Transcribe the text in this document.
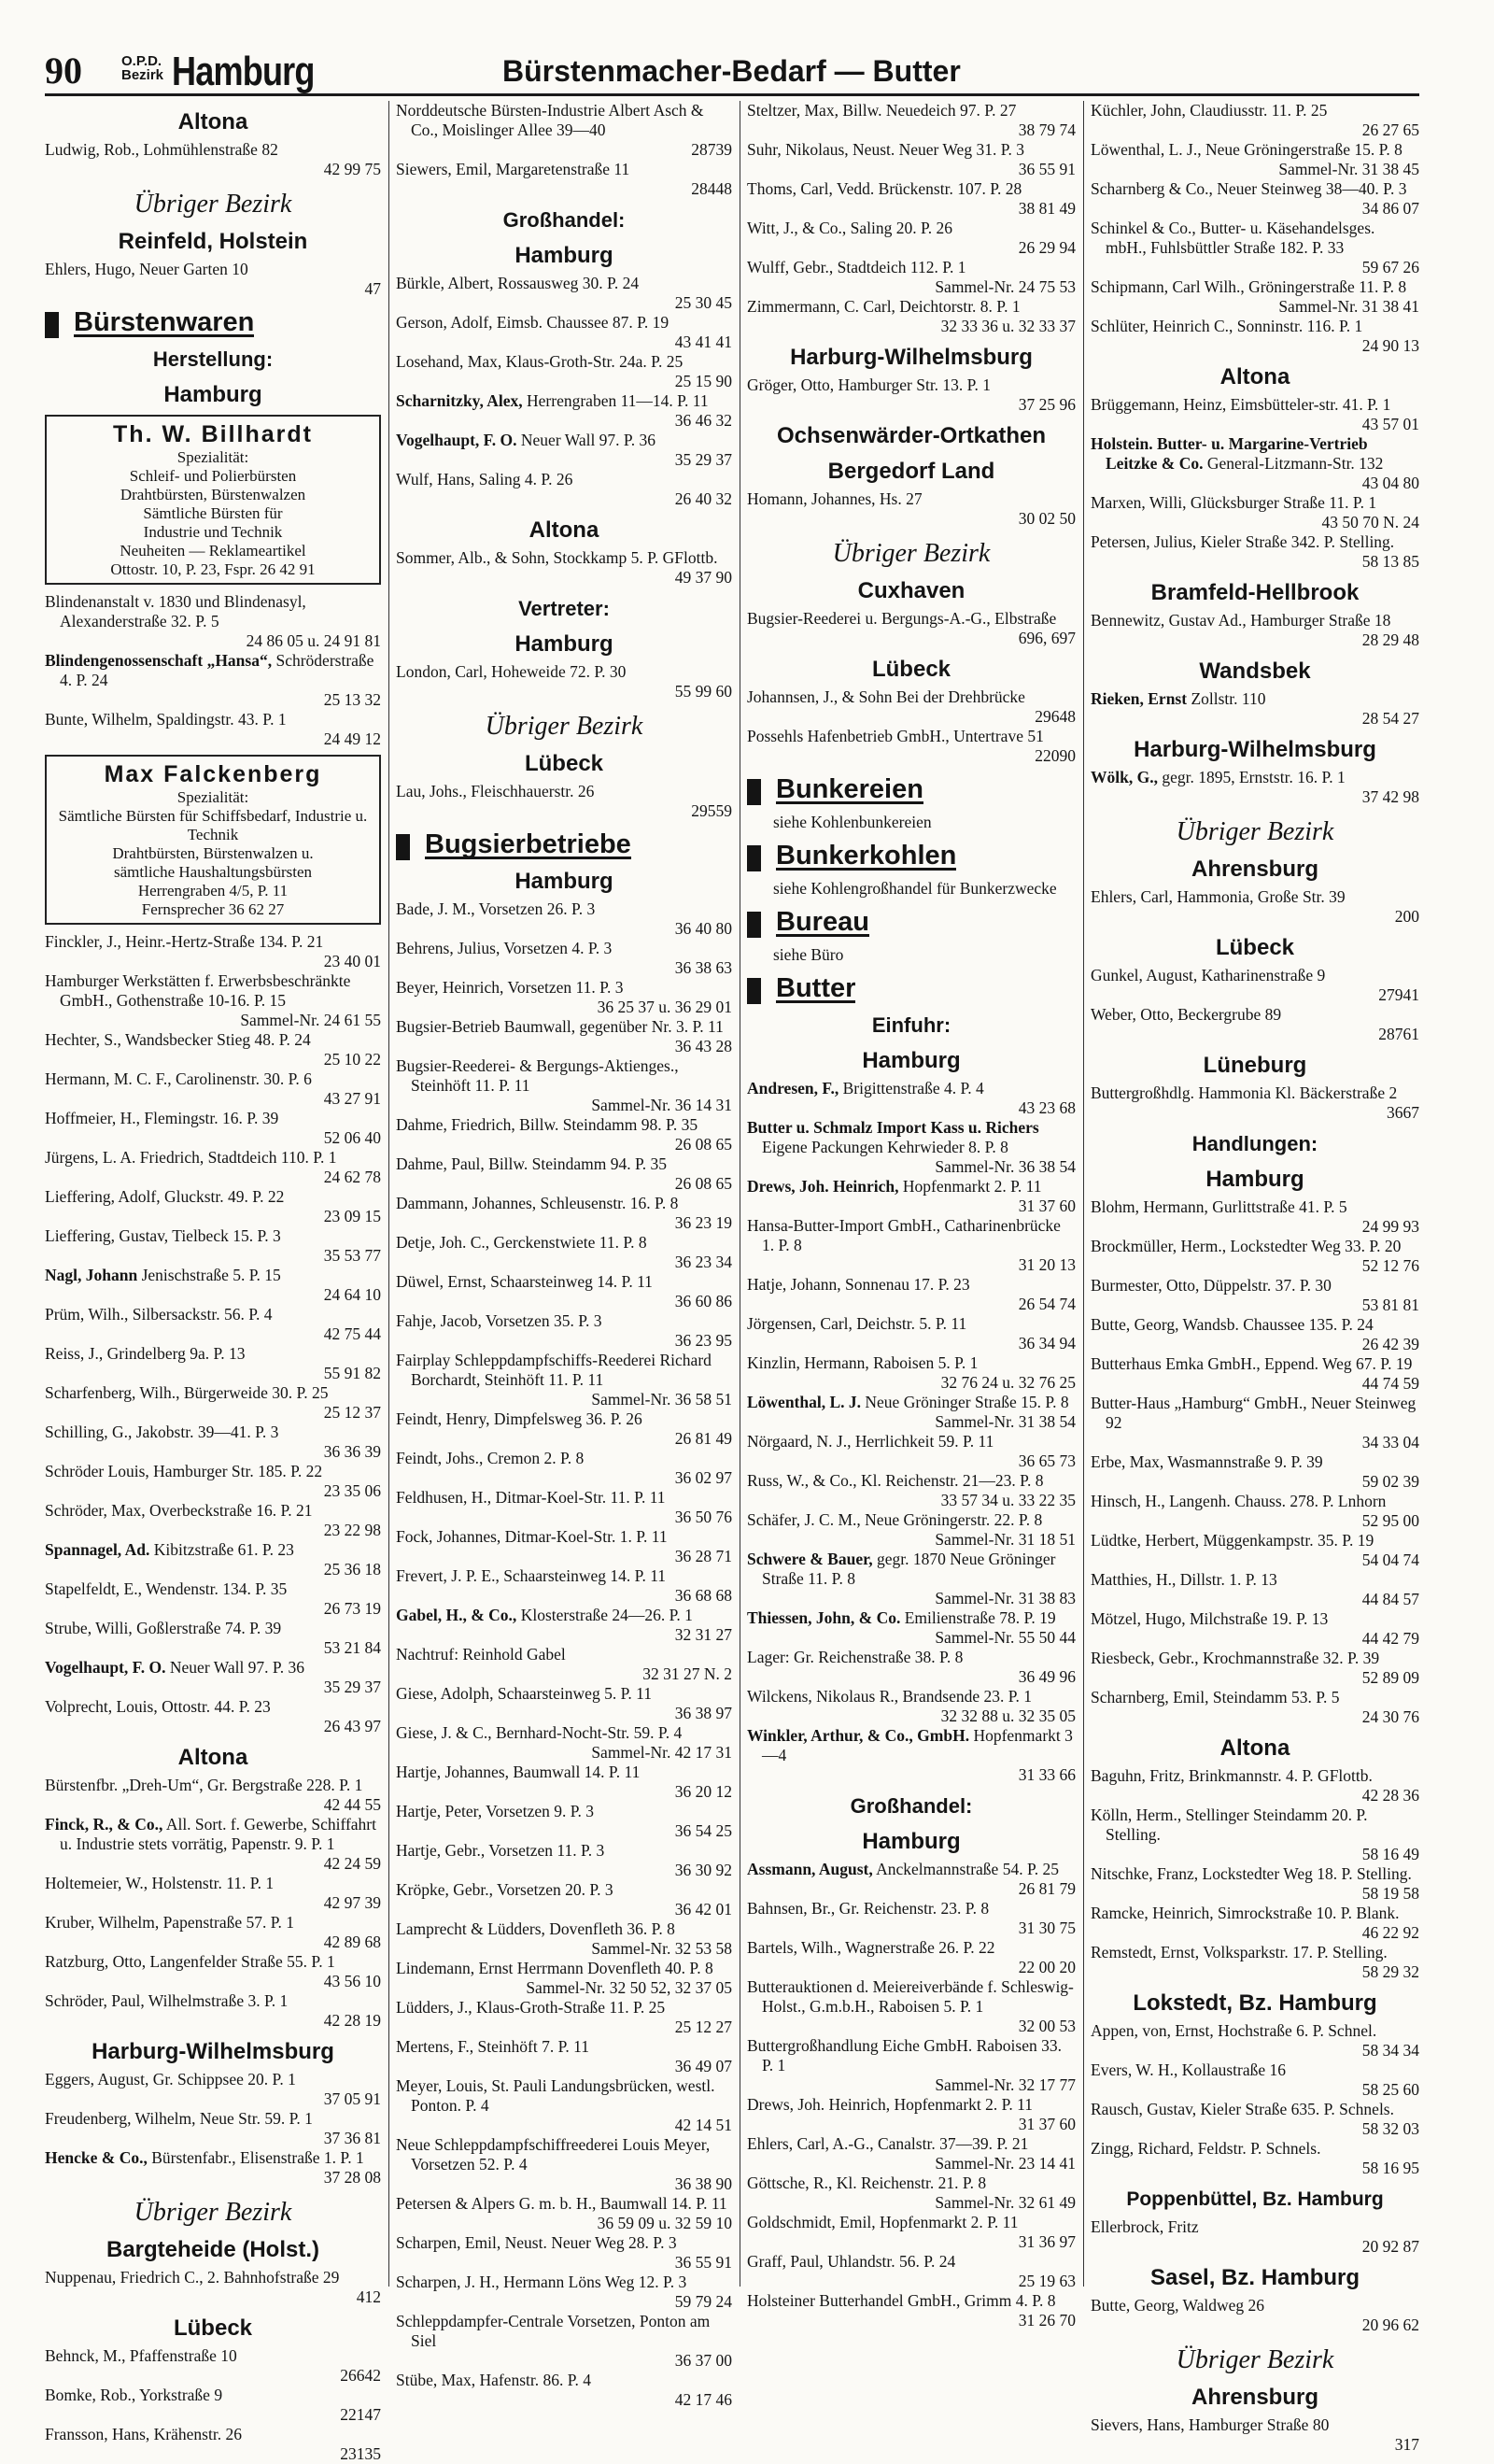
90	O.P.D.
Bezirk Hamburg	Bürstenmacher-Bedarf — Butter
Altona
Ludwig, Rob., Lohmühlenstraße 82
42 99 75
Übriger Bezirk
Reinfeld, Holstein
Ehlers, Hugo, Neuer Garten 10
47
Bürstenwaren
Herstellung:
Hamburg
Th. W. Billhardt
Spezialität:
Schleif- und Polierbürsten
Drahtbürsten, Bürstenwalzen
Sämtliche Bürsten für
Industrie und Technik
Neuheiten — Reklameartikel
Ottostr. 10, P. 23, Fspr. 26 42 91
Blindenanstalt v. 1830 und Blindenasyl, Alexanderstraße 32. P. 5
24 86 05 u. 24 91 81
Blindengenossenschaft „Hansa“, Schröderstraße 4. P. 24
25 13 32
Bunte, Wilhelm, Spaldingstr. 43. P. 1
24 49 12
Max Falckenberg
Spezialität:
Sämtliche Bürsten für Schiffsbedarf, Industrie u. Technik
Drahtbürsten, Bürstenwalzen u.
sämtliche Haushaltungsbürsten
Herrengraben 4/5, P. 11
Fernsprecher 36 62 27
Finckler, J., Heinr.-Hertz-Straße 134. P. 21
23 40 01
Hamburger Werkstätten f. Erwerbsbeschränkte GmbH., Gothenstraße 10-16. P. 15
Sammel-Nr. 24 61 55
Hechter, S., Wandsbecker Stieg 48. P. 24
25 10 22
Hermann, M. C. F., Carolinenstr. 30. P. 6
43 27 91
Hoffmeier, H., Flemingstr. 16. P. 39
52 06 40
Jürgens, L. A. Friedrich, Stadtdeich 110. P. 1
24 62 78
Lieffering, Adolf, Gluckstr. 49. P. 22
23 09 15
Lieffering, Gustav, Tielbeck 15. P. 3
35 53 77
Nagl, Johann Jenischstraße 5. P. 15
24 64 10
Prüm, Wilh., Silbersackstr. 56. P. 4
42 75 44
Reiss, J., Grindelberg 9a. P. 13
55 91 82
Scharfenberg, Wilh., Bürgerweide 30. P. 25
25 12 37
Schilling, G., Jakobstr. 39—41. P. 3
36 36 39
Schröder Louis, Hamburger Str. 185. P. 22
23 35 06
Schröder, Max, Overbeckstraße 16. P. 21
23 22 98
Spannagel, Ad. Kibitzstraße 61. P. 23
25 36 18
Stapelfeldt, E., Wendenstr. 134. P. 35
26 73 19
Strube, Willi, Goßlerstraße 74. P. 39
53 21 84
Vogelhaupt, F. O. Neuer Wall 97. P. 36
35 29 37
Volprecht, Louis, Ottostr. 44. P. 23
26 43 97
Altona
Bürstenfbr. „Dreh-Um“, Gr. Bergstraße 228. P. 1
42 44 55
Finck, R., & Co., All. Sort. f. Gewerbe, Schiffahrt u. Industrie stets vorrätig, Papenstr. 9. P. 1
42 24 59
Holtemeier, W., Holstenstr. 11. P. 1
42 97 39
Kruber, Wilhelm, Papenstraße 57. P. 1
42 89 68
Ratzburg, Otto, Langenfelder Straße 55. P. 1
43 56 10
Schröder, Paul, Wilhelmstraße 3. P. 1
42 28 19
Harburg-Wilhelmsburg
Eggers, August, Gr. Schippsee 20. P. 1
37 05 91
Freudenberg, Wilhelm, Neue Str. 59. P. 1
37 36 81
Hencke & Co., Bürstenfabr., Elisenstraße 1. P. 1
37 28 08
Übriger Bezirk
Bargteheide (Holst.)
Nuppenau, Friedrich C., 2. Bahnhofstraße 29
412
Lübeck
Behnck, M., Pfaffenstraße 10
26642
Bomke, Rob., Yorkstraße 9
22147
Fransson, Hans, Krähenstr. 26
23135
Norddeutsche Bürsten-Industrie Albert Asch & Co., Moislinger Allee 39—40
28739
Siewers, Emil, Margaretenstraße 11
28448
Großhandel:
Hamburg
Bürkle, Albert, Rossausweg 30. P. 24
25 30 45
Gerson, Adolf, Eimsb. Chaussee 87. P. 19
43 41 41
Losehand, Max, Klaus-Groth-Str. 24a. P. 25
25 15 90
Scharnitzky, Alex, Herrengraben 11—14. P. 11
36 46 32
Vogelhaupt, F. O. Neuer Wall 97. P. 36
35 29 37
Wulf, Hans, Saling 4. P. 26
26 40 32
Altona
Sommer, Alb., & Sohn, Stockkamp 5. P. GFlottb.
49 37 90
Vertreter:
Hamburg
London, Carl, Hoheweide 72. P. 30
55 99 60
Übriger Bezirk
Lübeck
Lau, Johs., Fleischhauerstr. 26
29559
Bugsierbetriebe
Hamburg
Bade, J. M., Vorsetzen 26. P. 3
36 40 80
Behrens, Julius, Vorsetzen 4. P. 3
36 38 63
Beyer, Heinrich, Vorsetzen 11. P. 3
36 25 37 u. 36 29 01
Bugsier-Betrieb Baumwall, gegenüber Nr. 3. P. 11
36 43 28
Bugsier-Reederei- & Bergungs-Aktienges., Steinhöft 11. P. 11
Sammel-Nr. 36 14 31
Dahme, Friedrich, Billw. Steindamm 98. P. 35
26 08 65
Dahme, Paul, Billw. Steindamm 94. P. 35
26 08 65
Dammann, Johannes, Schleusenstr. 16. P. 8
36 23 19
Detje, Joh. C., Gerckenstwiete 11. P. 8
36 23 34
Düwel, Ernst, Schaarsteinweg 14. P. 11
36 60 86
Fahje, Jacob, Vorsetzen 35. P. 3
36 23 95
Fairplay Schleppdampfschiffs-Reederei Richard Borchardt, Steinhöft 11. P. 11
Sammel-Nr. 36 58 51
Feindt, Henry, Dimpfelsweg 36. P. 26
26 81 49
Feindt, Johs., Cremon 2. P. 8
36 02 97
Feldhusen, H., Ditmar-Koel-Str. 11. P. 11
36 50 76
Fock, Johannes, Ditmar-Koel-Str. 1. P. 11
36 28 71
Frevert, J. P. E., Schaarsteinweg 14. P. 11
36 68 68
Gabel, H., & Co., Klosterstraße 24—26. P. 1
32 31 27
Nachtruf: Reinhold Gabel
32 31 27 N. 2
Giese, Adolph, Schaarsteinweg 5. P. 11
36 38 97
Giese, J. & C., Bernhard-Nocht-Str. 59. P. 4
Sammel-Nr. 42 17 31
Hartje, Johannes, Baumwall 14. P. 11
36 20 12
Hartje, Peter, Vorsetzen 9. P. 3
36 54 25
Hartje, Gebr., Vorsetzen 11. P. 3
36 30 92
Kröpke, Gebr., Vorsetzen 20. P. 3
36 42 01
Lamprecht & Lüdders, Dovenfleth 36. P. 8
Sammel-Nr. 32 53 58
Lindemann, Ernst Herrmann Dovenfleth 40. P. 8
Sammel-Nr. 32 50 52, 32 37 05
Lüdders, J., Klaus-Groth-Straße 11. P. 25
25 12 27
Mertens, F., Steinhöft 7. P. 11
36 49 07
Meyer, Louis, St. Pauli Landungsbrücken, westl. Ponton. P. 4
42 14 51
Neue Schleppdampfschiffreederei Louis Meyer, Vorsetzen 52. P. 4
36 38 90
Petersen & Alpers G. m. b. H., Baumwall 14. P. 11
36 59 09 u. 32 59 10
Scharpen, Emil, Neust. Neuer Weg 28. P. 3
36 55 91
Scharpen, J. H., Hermann Löns Weg 12. P. 3
59 79 24
Schleppdampfer-Centrale Vorsetzen, Ponton am Siel
36 37 00
Stübe, Max, Hafenstr. 86. P. 4
42 17 46
Steltzer, Max, Billw. Neuedeich 97. P. 27
38 79 74
Suhr, Nikolaus, Neust. Neuer Weg 31. P. 3
36 55 91
Thoms, Carl, Vedd. Brückenstr. 107. P. 28
38 81 49
Witt, J., & Co., Saling 20. P. 26
26 29 94
Wulff, Gebr., Stadtdeich 112. P. 1
Sammel-Nr. 24 75 53
Zimmermann, C. Carl, Deichtorstr. 8. P. 1
32 33 36 u. 32 33 37
Harburg-Wilhelmsburg
Gröger, Otto, Hamburger Str. 13. P. 1
37 25 96
Ochsenwärder-Ortkathen
Bergedorf Land
Homann, Johannes, Hs. 27
30 02 50
Übriger Bezirk
Cuxhaven
Bugsier-Reederei u. Bergungs-A.-G., Elbstraße
696, 697
Lübeck
Johannsen, J., & Sohn Bei der Drehbrücke
29648
Possehls Hafenbetrieb GmbH., Untertrave 51
22090
Bunkereien
siehe Kohlenbunkereien
Bunkerkohlen
siehe Kohlengroßhandel für Bunkerzwecke
Bureau
siehe Büro
Butter
Einfuhr:
Hamburg
Andresen, F., Brigittenstraße 4. P. 4
43 23 68
Butter u. Schmalz Import Kass u. Richers Eigene Packungen Kehrwieder 8. P. 8
Sammel-Nr. 36 38 54
Drews, Joh. Heinrich, Hopfenmarkt 2. P. 11
31 37 60
Hansa-Butter-Import GmbH., Catharinenbrücke 1. P. 8
31 20 13
Hatje, Johann, Sonnenau 17. P. 23
26 54 74
Jörgensen, Carl, Deichstr. 5. P. 11
36 34 94
Kinzlin, Hermann, Raboisen 5. P. 1
32 76 24 u. 32 76 25
Löwenthal, L. J. Neue Gröninger Straße 15. P. 8
Sammel-Nr. 31 38 54
Nörgaard, N. J., Herrlichkeit 59. P. 11
36 65 73
Russ, W., & Co., Kl. Reichenstr. 21—23. P. 8
33 57 34 u. 33 22 35
Schäfer, J. C. M., Neue Gröningerstr. 22. P. 8
Sammel-Nr. 31 18 51
Schwere & Bauer, gegr. 1870 Neue Gröninger Straße 11. P. 8
Sammel-Nr. 31 38 83
Thiessen, John, & Co. Emilienstraße 78. P. 19
Sammel-Nr. 55 50 44
Lager: Gr. Reichenstraße 38. P. 8
36 49 96
Wilckens, Nikolaus R., Brandsende 23. P. 1
32 32 88 u. 32 35 05
Winkler, Arthur, & Co., GmbH. Hopfenmarkt 3—4
31 33 66
Großhandel:
Hamburg
Assmann, August, Anckelmannstraße 54. P. 25
26 81 79
Bahnsen, Br., Gr. Reichenstr. 23. P. 8
31 30 75
Bartels, Wilh., Wagnerstraße 26. P. 22
22 00 20
Butterauktionen d. Meiereiverbände f. Schleswig-Holst., G.m.b.H., Raboisen 5. P. 1
32 00 53
Buttergroßhandlung Eiche GmbH. Raboisen 33. P. 1
Sammel-Nr. 32 17 77
Drews, Joh. Heinrich, Hopfenmarkt 2. P. 11
31 37 60
Ehlers, Carl, A.-G., Canalstr. 37—39. P. 21
Sammel-Nr. 23 14 41
Göttsche, R., Kl. Reichenstr. 21. P. 8
Sammel-Nr. 32 61 49
Goldschmidt, Emil, Hopfenmarkt 2. P. 11
31 36 97
Graff, Paul, Uhlandstr. 56. P. 24
25 19 63
Holsteiner Butterhandel GmbH., Grimm 4. P. 8
31 26 70
Küchler, John, Claudiusstr. 11. P. 25
26 27 65
Löwenthal, L. J., Neue Gröningerstraße 15. P. 8
Sammel-Nr. 31 38 45
Scharnberg & Co., Neuer Steinweg 38—40. P. 3
34 86 07
Schinkel & Co., Butter- u. Käsehandelsges. mbH., Fuhlsbüttler Straße 182. P. 33
59 67 26
Schipmann, Carl Wilh., Gröningerstraße 11. P. 8
Sammel-Nr. 31 38 41
Schlüter, Heinrich C., Sonninstr. 116. P. 1
24 90 13
Altona
Brüggemann, Heinz, Eimsbütteler-str. 41. P. 1
43 57 01
Holstein. Butter- u. Margarine-Vertrieb Leitzke & Co. General-Litzmann-Str. 132
43 04 80
Marxen, Willi, Glücksburger Straße 11. P. 1
43 50 70 N. 24
Petersen, Julius, Kieler Straße 342. P. Stelling.
58 13 85
Bramfeld-Hellbrook
Bennewitz, Gustav Ad., Hamburger Straße 18
28 29 48
Wandsbek
Rieken, Ernst Zollstr. 110
28 54 27
Harburg-Wilhelmsburg
Wölk, G., gegr. 1895, Ernststr. 16. P. 1
37 42 98
Übriger Bezirk
Ahrensburg
Ehlers, Carl, Hammonia, Große Str. 39
200
Lübeck
Gunkel, August, Katharinenstraße 9
27941
Weber, Otto, Beckergrube 89
28761
Lüneburg
Buttergroßhdlg. Hammonia Kl. Bäckerstraße 2
3667
Handlungen:
Hamburg
Blohm, Hermann, Gurlittstraße 41. P. 5
24 99 93
Brockmüller, Herm., Lockstedter Weg 33. P. 20
52 12 76
Burmester, Otto, Düppelstr. 37. P. 30
53 81 81
Butte, Georg, Wandsb. Chaussee 135. P. 24
26 42 39
Butterhaus Emka GmbH., Eppend. Weg 67. P. 19
44 74 59
Butter-Haus „Hamburg“ GmbH., Neuer Steinweg 92
34 33 04
Erbe, Max, Wasmannstraße 9. P. 39
59 02 39
Hinsch, H., Langenh. Chauss. 278. P. Lnhorn
52 95 00
Lüdtke, Herbert, Müggenkampstr. 35. P. 19
54 04 74
Matthies, H., Dillstr. 1. P. 13
44 84 57
Mötzel, Hugo, Milchstraße 19. P. 13
44 42 79
Riesbeck, Gebr., Krochmannstraße 32. P. 39
52 89 09
Scharnberg, Emil, Steindamm 53. P. 5
24 30 76
Altona
Baguhn, Fritz, Brinkmannstr. 4. P. GFlottb.
42 28 36
Kölln, Herm., Stellinger Steindamm 20. P. Stelling.
58 16 49
Nitschke, Franz, Lockstedter Weg 18. P. Stelling.
58 19 58
Ramcke, Heinrich, Simrockstraße 10. P. Blank.
46 22 92
Remstedt, Ernst, Volksparkstr. 17. P. Stelling.
58 29 32
Lokstedt, Bz. Hamburg
Appen, von, Ernst, Hochstraße 6. P. Schnel.
58 34 34
Evers, W. H., Kollaustraße 16
58 25 60
Rausch, Gustav, Kieler Straße 635. P. Schnels.
58 32 03
Zingg, Richard, Feldstr. P. Schnels.
58 16 95
Poppenbüttel, Bz. Hamburg
Ellerbrock, Fritz
20 92 87
Sasel, Bz. Hamburg
Butte, Georg, Waldweg 26
20 96 62
Übriger Bezirk
Ahrensburg
Sievers, Hans, Hamburger Straße 80
317
